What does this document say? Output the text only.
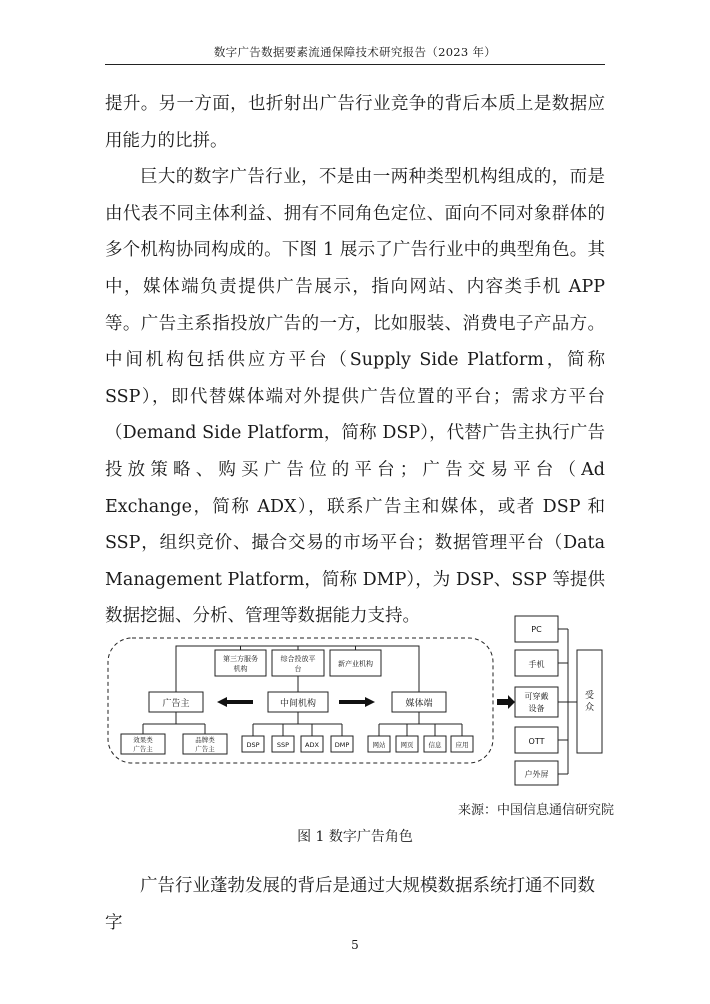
数字广告数据要素流通保障技术研究报告（2023 年）

提升。另一方面，也折射出广告行业竞争的背后本质上是数据应用能力的比拼。

巨大的数字广告行业，不是由一两种类型机构组成的，而是由代表不同主体利益、拥有不同角色定位、面向不同对象群体的多个机构协同构成的。下图 1 展示了广告行业中的典型角色。其中，媒体端负责提供广告展示，指向网站、内容类手机 APP 等。广告主系指投放广告的一方，比如服装、消费电子产品方。中间机构包括供应方平台（Supply Side Platform，简称 SSP），即代替媒体端对外提供广告位置的平台；需求方平台（Demand Side Platform，简称 DSP），代替广告主执行广告投放策略、购买广告位的平台；广告交易平台（Ad Exchange，简称 ADX），联系广告主和媒体，或者 DSP 和 SSP，组织竞价、撮合交易的市场平台；数据管理平台（Data Management Platform，简称 DMP），为 DSP、SSP 等提供数据挖掘、分析、管理等数据能力支持。

第三方服务
机构
综合投放平
台
新产业机构
广告主	中间机构	媒体端
效果类
广告主
品牌类
广告主	DSP	SSP ADX DMP	网站 网页 信息 应用
PC
手机
可穿戴
设备
OTT
户外屏
受
众
来源：中国信息通信研究院
图 1 数字广告角色

广告行业蓬勃发展的背后是通过大规模数据系统打通不同数字

5
